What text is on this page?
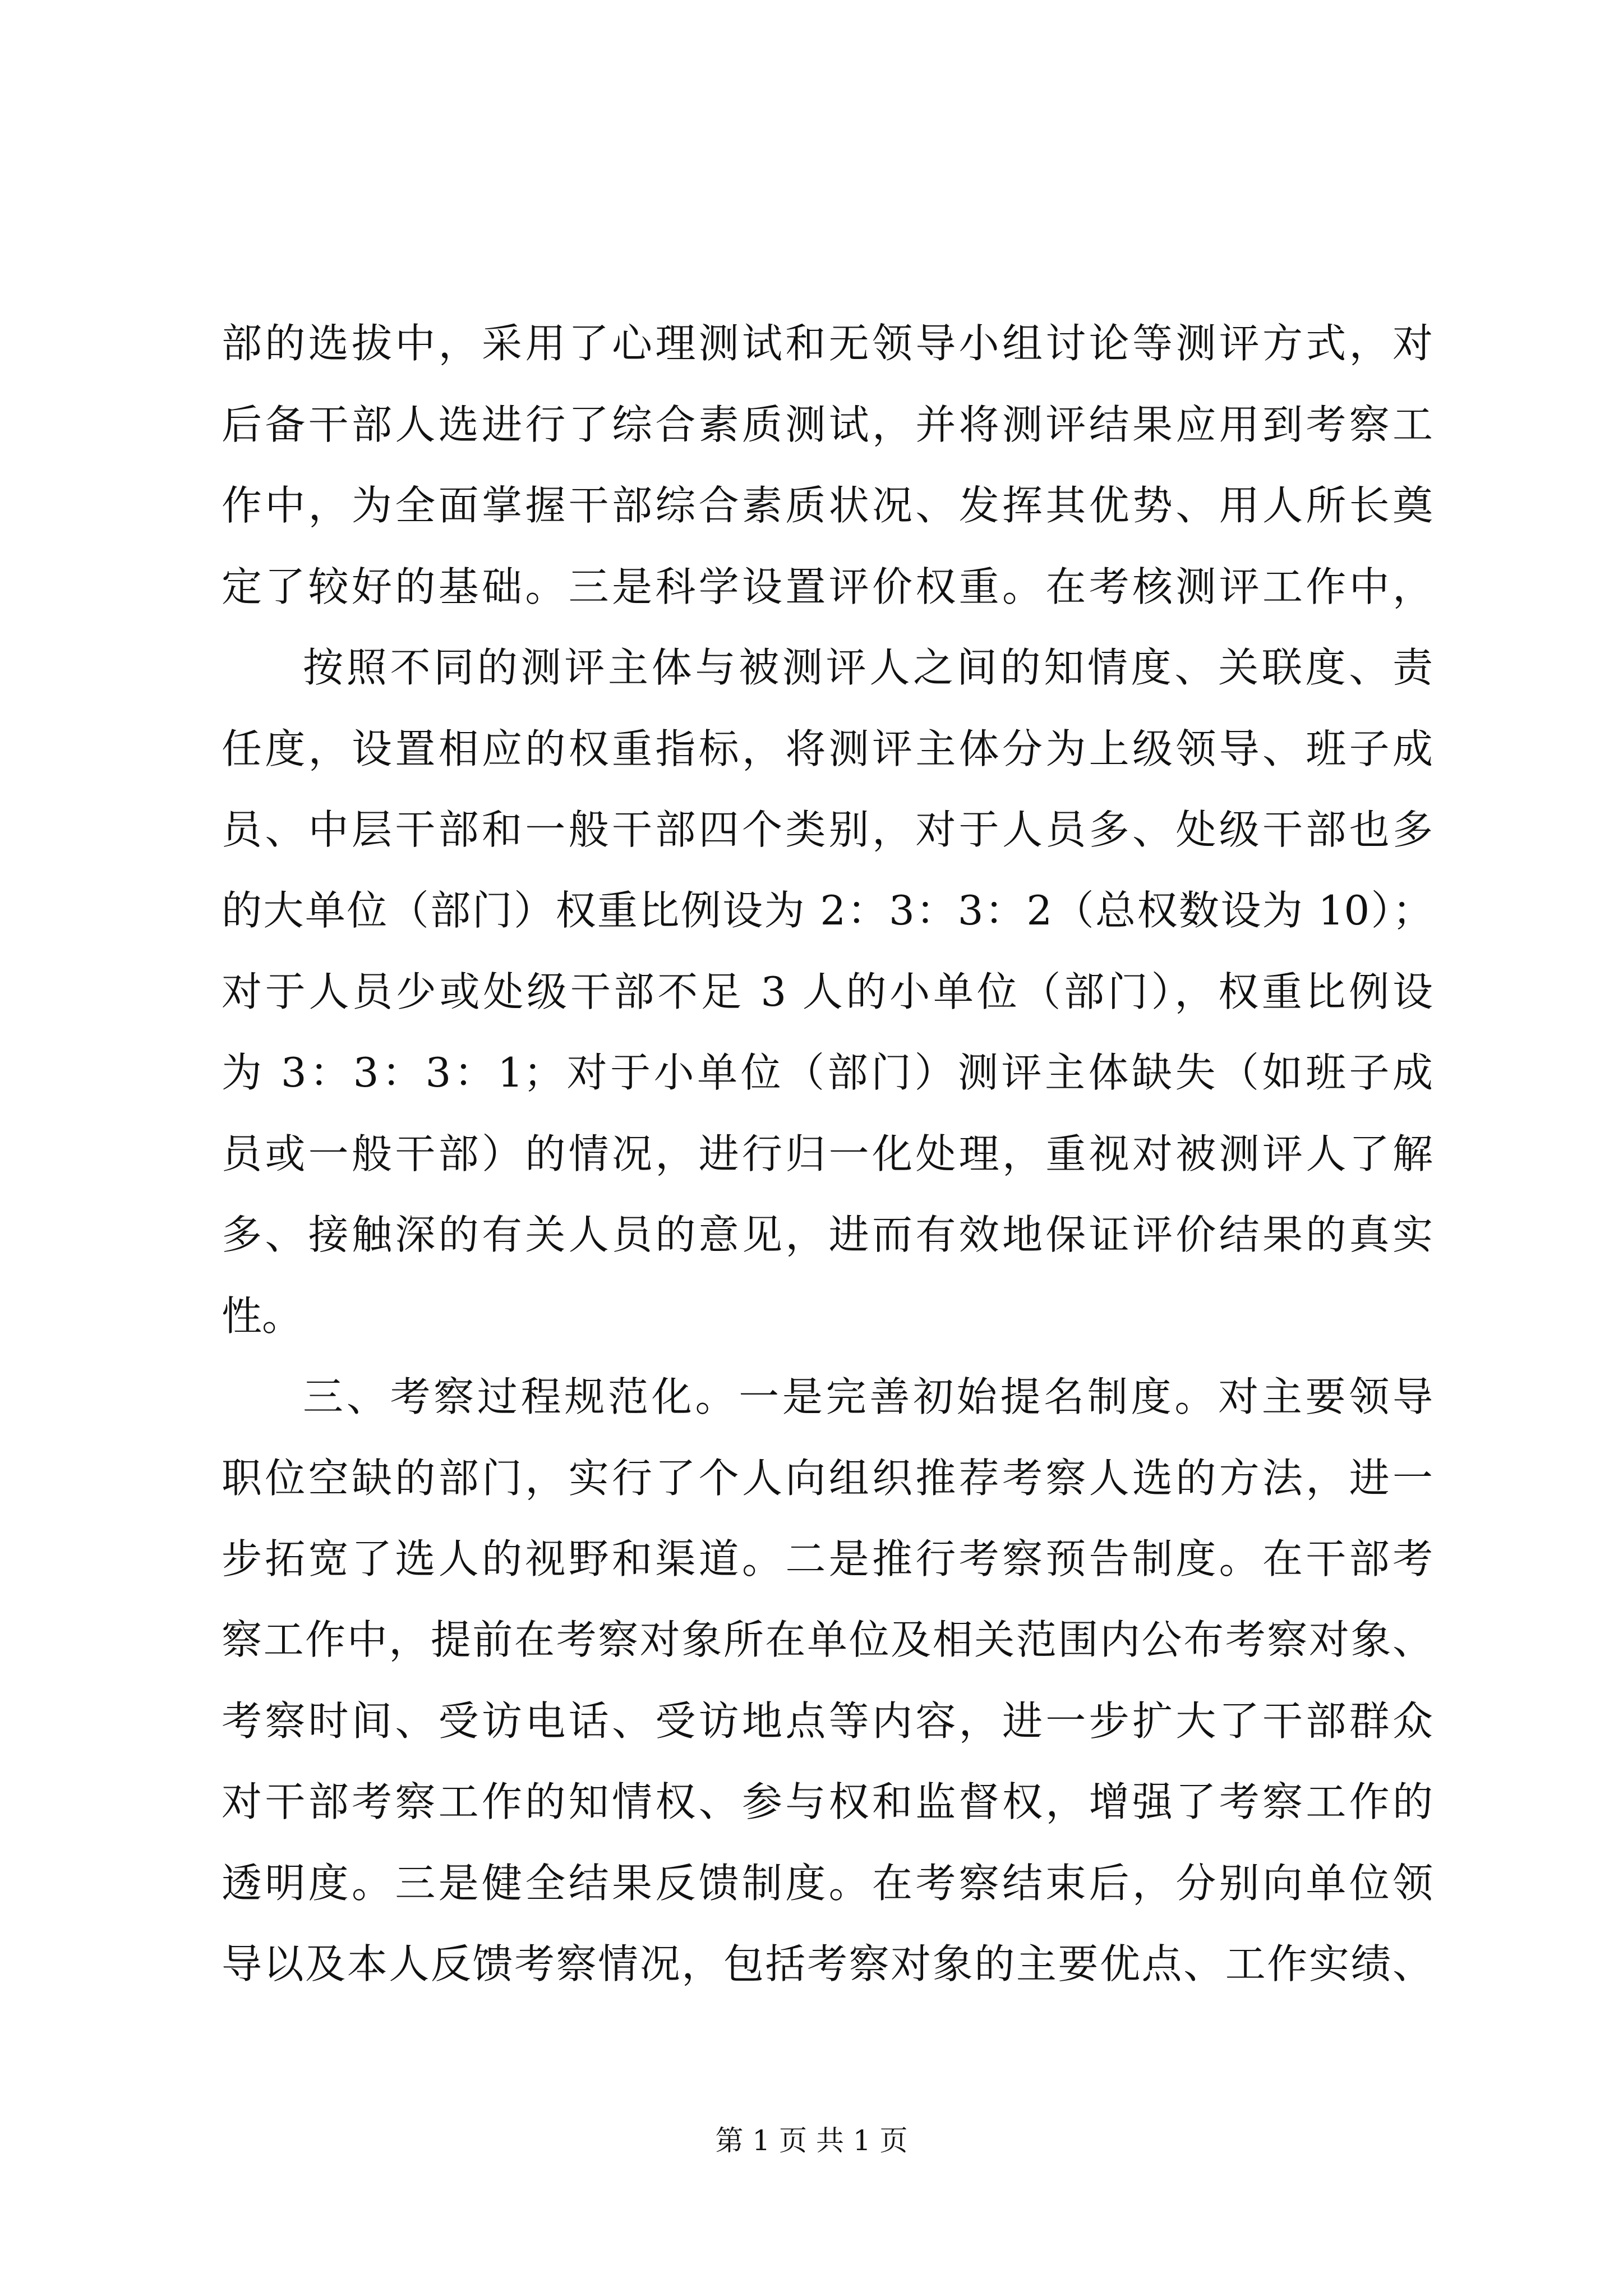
部的选拔中，采用了心理测试和无领导小组讨论等测评方式，对
后备干部人选进行了综合素质测试，并将测评结果应用到考察工
作中，为全面掌握干部综合素质状况、发挥其优势、用人所长奠
定了较好的基础。三是科学设置评价权重。在考核测评工作中，
按照不同的测评主体与被测评人之间的知情度、关联度、责
任度，设置相应的权重指标，将测评主体分为上级领导、班子成
员、中层干部和一般干部四个类别，对于人员多、处级干部也多
的大单位（部门）权重比例设为 2：3：3：2（总权数设为 10）；
对于人员少或处级干部不足 3 人的小单位（部门），权重比例设
为 3：3：3：1；对于小单位（部门）测评主体缺失（如班子成
员或一般干部）的情况，进行归一化处理，重视对被测评人了解
多、接触深的有关人员的意见，进而有效地保证评价结果的真实
性。
三、考察过程规范化。一是完善初始提名制度。对主要领导
职位空缺的部门，实行了个人向组织推荐考察人选的方法，进一
步拓宽了选人的视野和渠道。二是推行考察预告制度。在干部考
察工作中，提前在考察对象所在单位及相关范围内公布考察对象、
考察时间、受访电话、受访地点等内容，进一步扩大了干部群众
对干部考察工作的知情权、参与权和监督权，增强了考察工作的
透明度。三是健全结果反馈制度。在考察结束后，分别向单位领
导以及本人反馈考察情况，包括考察对象的主要优点、工作实绩、
第 1 页 共 1 页
